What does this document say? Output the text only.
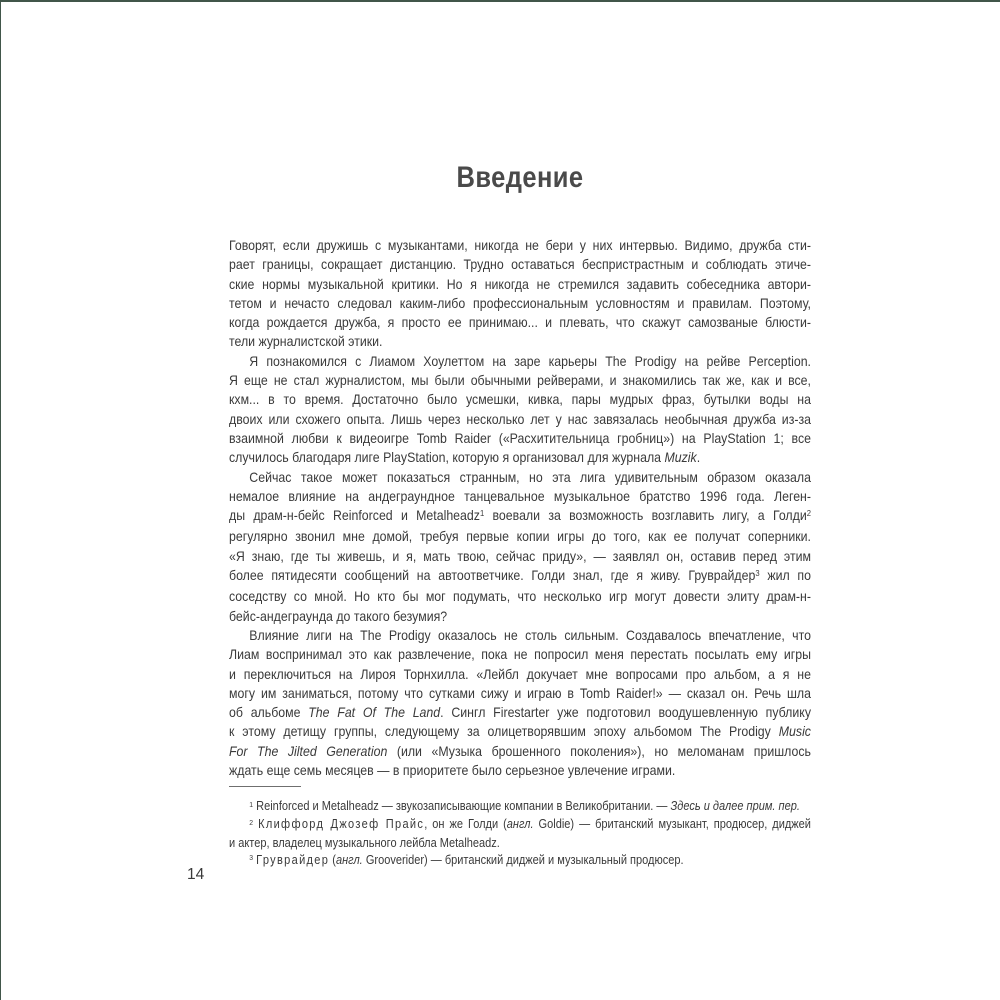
Введение
Говорят, если дружишь с музыкантами, никогда не бери у них интервью. Видимо, дружба сти-
рает границы, сокращает дистанцию. Трудно оставаться беспристрастным и соблюдать этиче-
ские нормы музыкальной критики. Но я никогда не стремился задавить собеседника автори-
тетом и нечасто следовал каким-либо профессиональным условностям и правилам. Поэтому,
когда рождается дружба, я просто ее принимаю... и плевать, что скажут самозваные блюсти-
тели журналистской этики.
Я познакомился с Лиамом Хоулеттом на заре карьеры The Prodigy на рейве Perception.
Я еще не стал журналистом, мы были обычными рейверами, и знакомились так же, как и все,
кхм... в то время. Достаточно было усмешки, кивка, пары мудрых фраз, бутылки воды на
двоих или схожего опыта. Лишь через несколько лет у нас завязалась необычная дружба из-за
взаимной любви к видеоигре Tomb Raider («Расхитительница гробниц») на PlayStation 1; все
случилось благодаря лиге PlayStation, которую я организовал для журнала Muzik.
Сейчас такое может показаться странным, но эта лига удивительным образом оказала
немалое влияние на андеграундное танцевальное музыкальное братство 1996 года. Леген-
ды драм-н-бейс Reinforced и Metalheadz$^1$ воевали за возможность возглавить лигу, а Голди$^2$
регулярно звонил мне домой, требуя первые копии игры до того, как ее получат соперники.
«Я знаю, где ты живешь, и я, мать твою, сейчас приду», — заявлял он, оставив перед этим
более пятидесяти сообщений на автоответчике. Голди знал, где я живу. Груврайдер$^3$ жил по
соседству со мной. Но кто бы мог подумать, что несколько игр могут довести элиту драм-н-
бейс-андеграунда до такого безумия?
Влияние лиги на The Prodigy оказалось не столь сильным. Создавалось впечатление, что
Лиам воспринимал это как развлечение, пока не попросил меня перестать посылать ему игры
и переключиться на Лироя Торнхилла. «Лейбл докучает мне вопросами про альбом, а я не
могу им заниматься, потому что сутками сижу и играю в Tomb Raider!» — сказал он. Речь шла
об альбоме The Fat Of The Land. Сингл Firestarter уже подготовил воодушевленную публику
к этому детищу группы, следующему за олицетворявшим эпоху альбомом The Prodigy Music
For The Jilted Generation (или «Музыка брошенного поколения»), но меломанам пришлось
ждать еще семь месяцев — в приоритете было серьезное увлечение играми.
$^1$ Reinforced и Metalheadz — звукозаписывающие компании в Великобритании. — Здесь и далее прим. пер.
$^2$ Клиффорд Джозеф Прайс, он же Голди (англ. Goldie) — британский музыкант, продюсер, диджей
и актер, владелец музыкального лейбла Metalheadz.
$^3$ Груврайдер (англ. Grooverider) — британский диджей и музыкальный продюсер.
14
